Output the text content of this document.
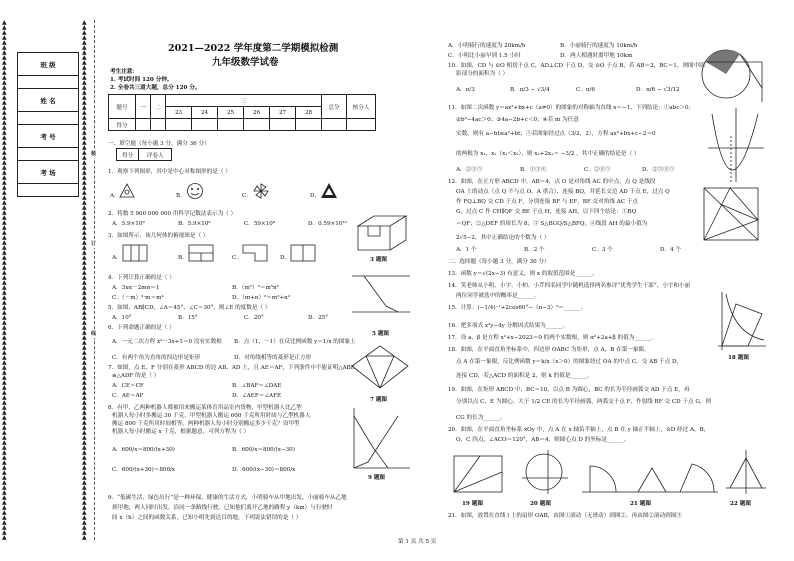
▲
▲
▲
▲
▲
▲
▲
▲
▲
▲
▲
▲
▲
▲
▲
▲
▲
▲
▲
▲
▲
▲
▲
▲
▲
▲
▲
▲
▲
▲
▲
▲
▲
▲
▲
▲
▲
▲
▲
▲
▲
▲
▲
▲
▲
▲
▲
▲
▲
▲
▲
▲
▲
▲
▲
▲
▲
▲
▲
▲
▲
▲
▲
▲
▲
▲
▲
▲
▲
▲
▲
▲
▲
▲
▲
▲
▲
▲
▲
▲
▲
▲
▲
▲
▲
▲
▲
▲
▲
▲
▲
▲
▲
▲
▲
▲
▲
▲
▲
▲
▲
▲
▲
▲
▲
▲
▲
▲
▲
▲
▲
▲
▲
▲
▲
▲
▲
▲
▲
▲
▲
▲
▲
▲
▲
▲
▲
▲
▲
▲
▲
▲
▲
▲
▲
▲
▲
▲
▲
▲
▲
▲
▲
▲
▲
▲
▲
▲
▲
▲
▲
▲
▲
▲
▲
▲
▲
▲
▲
▲
▲
▲
▲
▲
▲
▲
▲
▲
▲
▲
▲
▲
▲
▲
▲
▲
▲
▲
▲
▲
▲
▲
▲
▲
▲
▲
▲
▲
▲
▲
▲
▲
▲
▲
▲
▲
▲
▲
▲
▲
▲
▲
▲
▲
▲
▲
▲
▲
班 级

姓 名

考 号

考 场

装
订
线
2021—2022 学年度第二学期模拟检测
九年级数学试卷
考生注意：
1. 考试时间 120 分钟。
2. 全卷共三道大题，总分 120 分。
题号	一	二	三						总分	核分人
			23	24	25	26	27	28		
得分										
一、填空题（每小题 3 分，满分 36 分）
得分	评卷人
1．观察下列图形，其中是中心对称图形的是（ ）
A．	B．	C．	D．
2．将数 5 900 000 000 用科学记数法表示为（ ）
A．5.9×10⁹	B．5.9×10⁸	C．59×10⁸	D．0.59×10¹⁰
3．如图所示，该几何体的俯视图是（ ）
A．	B．	C．	D．	3 题图
4．下列计算正确的是（ ）
A．3xα－2mα＝1	B．（m²）³＝m⁵n⁶
C．（－m）³·m＝m⁴	D．（m+n）²＝m²+n²
5 题图
5．如图，AB∥CD，∠A＝45°，∠C＝30°，则∠E 的度数是（ ）
A．10°	B．15°	C．20°	D．25°
6．下列命题正确的是（ ）
A．一元二次方程 x²－3x+1＝0 没有实数根 B．点（1，－1）在反比例函数 y＝1/x 的图象上
C．有两个角为直角的四边形是矩形	D．对角线相等的菱形是正方形
7．如图，点 E、F 分别在菱形 ABCD 的边 AB、AD 上，且 AE＝AF，下列条件中不能证明△ABE
≌△ADF 的是（ ）
A．CE＝CF	B．∠BAF＝∠DAE
C．AE＝AF	D．∠AEF＝∠AFE
7 题图
8．有甲、乙两种机器人都被用来搬运某体育用品室内货物，甲型机器人比乙型
机器人每小时多搬运 30 千克，甲型机器人搬运 600 千克所用时间与乙型机器人
搬运 800 千克所用时间相等，两种机器人每小时分别搬运多少千克？设甲型
机器人每小时搬运 x 千克，根据题意，可列方程为（ ）
A．600/x＝800/(x+30)	B．600/x＝800/(x−30)
C．600/(x+30)＝800/x	D．600/(x−30)＝800/x
9 题图
9．“低碳生活，绿色出行”是一种环保、健康的生活方式，小明骑车从甲地出发，小丽骑车从乙地
到甲地，两人同时出发，沿同一条路线行驶，已知他们离开乙地的路程 y（km）与行驶时
间 x（h）之间的函数关系，已知小明先到达目的地，下列说法错误的是（ ）
A．小明骑行的速度为 20km/h	B．小丽骑行的速度为 10km/h
C．小明比小丽早到 1.5 小时	D．两人相遇时离甲地 10km
10．如图，CD 与 ⊙O 相切于点 C，AD⊥CD 于点 D，交 ⊙O 于点 B，若 AB＝2，BC＝1，则图中阴
影部分的面积为（ ）
A．π/3	B．π/3 − √3/4	C．π/6	D．π/6 − √3/12
11．如图二次函数 y＝ax²+bx+c（a≠0）的图象的对称轴为直线 x＝−1，下列结论：①abc＞0；
②b²−4ac＞0；③4a−2b+c＜0；④若 m 为任意
实数，则有 a−bt≤a²+bt；⑤若图象经过点（3/2，2），方程 ax²+bx+c−2＝0
的两根为 x₁，x₂（x₁＜x₂），则 x₁+2x₂＝ −3/2 ，其中正确的结论是（ ）
A．②③⑤	B．①③④	C．②④⑤	D．②③④⑤
12．如图，在正方形 ABCD 中，AB＝4，点 O 是对角线 AC 的中点，点 Q 是线段
OA 上的动点（点 Q 不与点 O，A 重合），连接 BQ，并延长交边 AD 于点 E，过点 Q
作 FQ⊥BQ 交 CD 于点 F，分别连接 BF 与 EF，BF 交对角线 AC 于点
G，过点 C 作 CH∥QF 交 BE 于点 H，连接 AH，以下四个结论：①BQ
＝QF；②△DEF 的周长为 8；③ S△BGQ/S△BFQ；④线段 AH 的最小值为
2√5−2，其中正确结论的个数为（ ）
A．1 个	B．2 个	C．3 个	D．4 个
二、选择题（每小题 3 分，满分 30 分）
13．函数 y＝√(2x−3) 有意义，则 x 的取值范围是______。
14．笑老师从小明、小宇、小柏、小芹四名同学中随机选择两名参评“优秀学生干部”，小宇和小丽
两位同学被选中的概率是______。
15．计算：(−1/4)⁻¹+2cos60°−（π−3）⁰＝______。
16．把多项式 x³y−4y 分解因式结果为______。
17．设 a，β 是方程 x²+x−2023＝0 的两个实数根，则 α²+2a+β 的值为______。
18．如图，在平面直角坐标系中，四边形 OABC 为矩形，点 A，B 在第一象限，
点 A 在第一象限，反比例函数 y＝k/x（x＞0）的图象经过 OA 的中点 C，交 AB 于点 D，
连接 CD，若△ACD 的面积是 2，则 k 的值是______。
18 题图
19．如图，在矩形 ABCD 中，BC＝10，以点 B 为圆心，BC 的长为半径画弧交 AD 于点 E，再
分别以点 C，E 为圆心，大于 1/2 CE 的长为半径画弧，两弧交于点 F，作射线 BF 交 CD 于点 G，则
CG 的长为______。
20．如图，在平面直角坐标系 xOy 中，点 A 在 x 轴负半轴上，点 B 在 y 轴正半轴上，⊙D 经过 A，B，
O，C 四点，∠ACO＝120°，AB＝4，则圆心点 D 的坐标是______。
19 题图	20 题图	21 题图	22 题图
21．如图，放置在直线 l 上的扇形 OAB，由图①滚动（无滑动）到图②，再由图②滚动到图③
第 1 页 共 5 页
